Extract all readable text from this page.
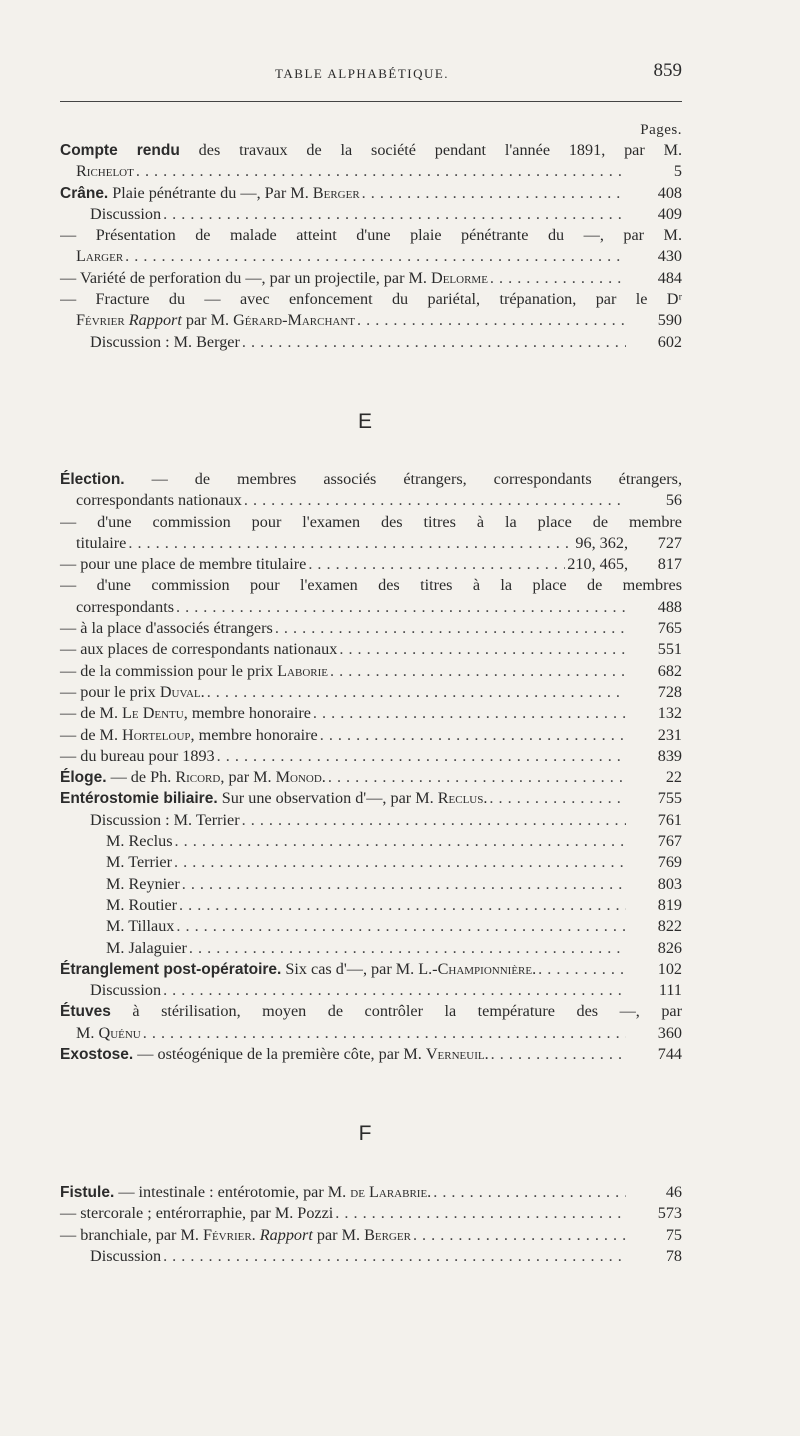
TABLE ALPHABÉTIQUE.	859
Pages.
Compte rendu des travaux de la société pendant l'année 1891, par M.
Richelot . . .	5
Crâne. Plaie pénétrante du —, Par M. Berger . . .	408
Discussion . . .	409
— Présentation de malade atteint d'une plaie pénétrante du —, par M.
Larger . . .	430
— Variété de perforation du —, par un projectile, par M. Delorme . . .	484
— Fracture du — avec enfoncement du pariétal, trépanation, par le Dʳ
Février Rapport par M. Gérard-Marchant . . .	590
Discussion : M. Berger . . .	602
E
Élection. — de membres associés étrangers, correspondants étrangers,
correspondants nationaux . . .	56
— d'une commission pour l'examen des titres à la place de membre
titulaire . . .	96, 362,	727
— pour une place de membre titulaire . . .	210, 465,	817
— d'une commission pour l'examen des titres à la place de membres
correspondants . . .	488
— à la place d'associés étrangers . . .	765
— aux places de correspondants nationaux . . .	551
— de la commission pour le prix Laborie . . .	682
— pour le prix Duval. . . .	728
— de M. Le Dentu, membre honoraire . . .	132
— de M. Horteloup, membre honoraire . . .	231
— du bureau pour 1893 . . .	839
Éloge. — de Ph. Ricord, par M. Monod. . . .	22
Entérostomie biliaire. Sur une observation d'—, par M. Reclus. . . .	755
Discussion : M. Terrier . . .	761
M. Reclus . . .	767
M. Terrier . . .	769
M. Reynier . . .	803
M. Routier . . .	819
M. Tillaux . . .	822
M. Jalaguier . . .	826
Étranglement post-opératoire. Six cas d'—, par M. L.-Championnière. . . .	102
Discussion . . .	111
Étuves à stérilisation, moyen de contrôler la température des —, par
M. Quénu . . .	360
Exostose. — ostéogénique de la première côte, par M. Verneuil. . . .	744
F
Fistule. — intestinale : entérotomie, par M. de Larabrie. . . .	46
— stercorale ; entérorraphie, par M. Pozzi . . .	573
— branchiale, par M. Février. Rapport par M. Berger . . .	75
Discussion . . .	78
